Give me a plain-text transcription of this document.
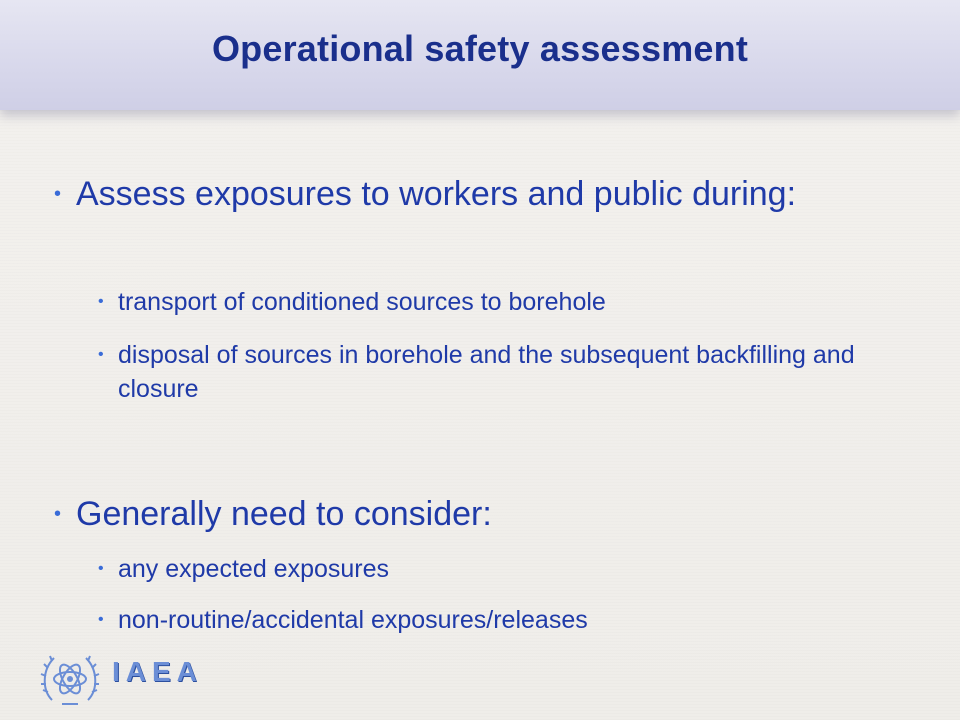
Operational safety assessment
• Assess exposures to workers and public during:
• transport of conditioned sources to borehole
• disposal of sources in borehole and the subsequent backfilling and closure
• Generally need to consider:
• any expected exposures
• non-routine/accidental exposures/releases
IAEA
